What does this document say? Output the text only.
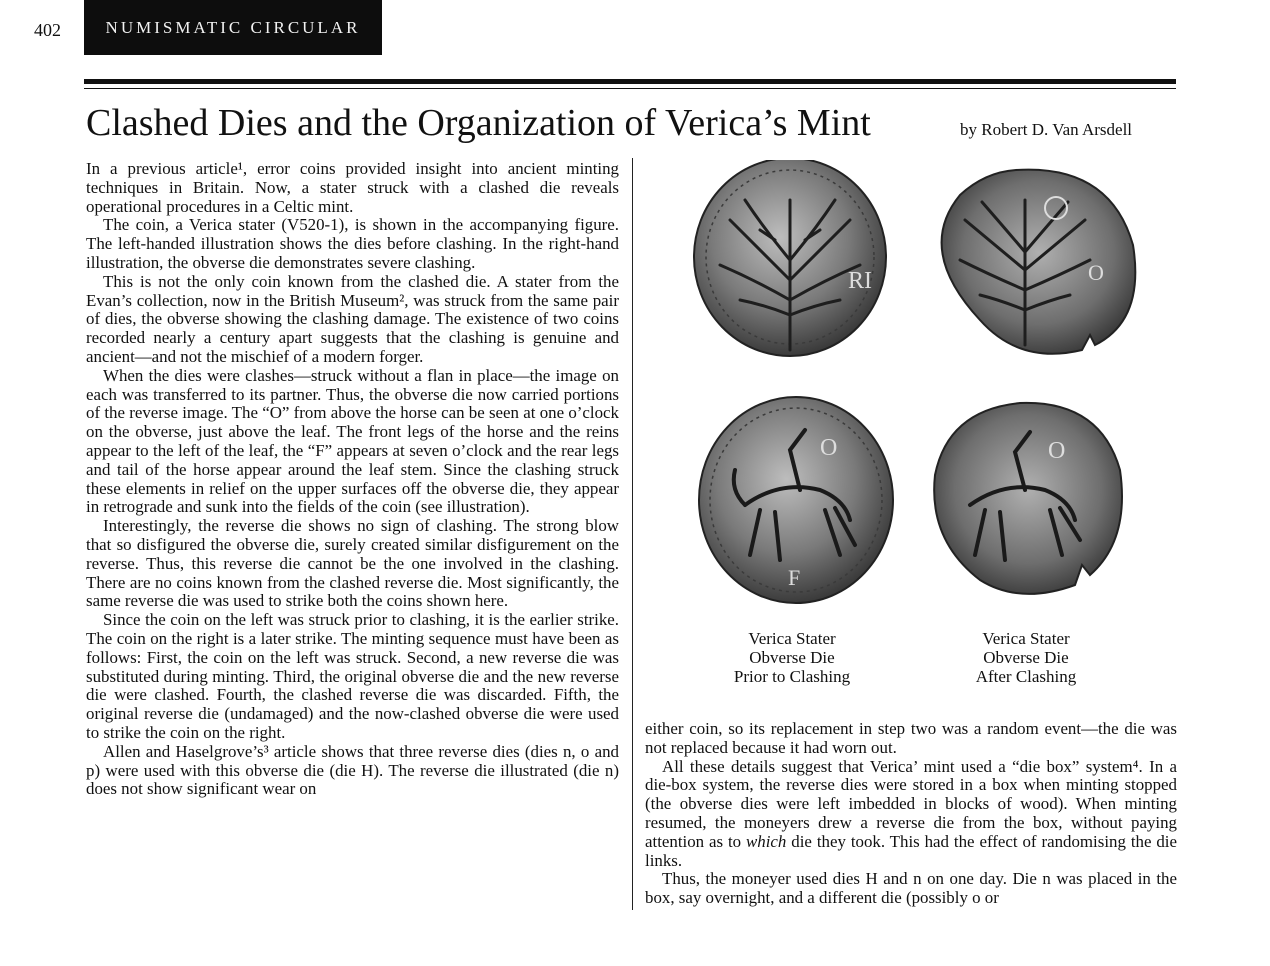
402	NUMISMATIC CIRCULAR
Clashed Dies and the Organization of Verica’s Mint	by Robert D. Van Arsdell

In a previous article¹, error coins provided insight into ancient minting techniques in Britain. Now, a stater struck with a clashed die reveals operational procedures in a Celtic mint.

The coin, a Verica stater (V520-1), is shown in the accompanying figure. The left-handed illustration shows the dies before clashing. In the right-hand illustration, the obverse die demonstrates severe clashing.

This is not the only coin known from the clashed die. A stater from the Evan’s collection, now in the British Museum², was struck from the same pair of dies, the obverse showing the clashing damage. The existence of two coins recorded nearly a century apart suggests that the clashing is genuine and ancient—and not the mischief of a modern forger.

When the dies were clashes—struck without a flan in place—the image on each was transferred to its partner. Thus, the obverse die now carried portions of the reverse image. The “O” from above the horse can be seen at one o’clock on the obverse, just above the leaf. The front legs of the horse and the reins appear to the left of the leaf, the “F” appears at seven o’clock and the rear legs and tail of the horse appear around the leaf stem. Since the clashing struck these elements in relief on the upper surfaces off the obverse die, they appear in retrograde and sunk into the fields of the coin (see illustration).

Interestingly, the reverse die shows no sign of clashing. The strong blow that so disfigured the obverse die, surely created similar disfigurement on the reverse. Thus, this reverse die cannot be the one involved in the clashing. There are no coins known from the clashed reverse die. Most significantly, the same reverse die was used to strike both the coins shown here.

Since the coin on the left was struck prior to clashing, it is the earlier strike. The coin on the right is a later strike. The minting sequence must have been as follows: First, the coin on the left was struck. Second, a new reverse die was substituted during minting. Third, the original obverse die and the new reverse die were clashed. Fourth, the clashed reverse die was discarded. Fifth, the original reverse die (undamaged) and the now-clashed obverse die were used to strike the coin on the right.

Allen and Haselgrove’s³ article shows that three reverse dies (dies n, o and p) were used with this obverse die (die H). The reverse die illustrated (die n) does not show significant wear on

RI	O
O
F
O
Verica Stater
Obverse Die
Prior to Clashing
Verica Stater
Obverse Die
After Clashing

either coin, so its replacement in step two was a random event—the die was not replaced because it had worn out.

All these details suggest that Verica’ mint used a “die box” system⁴. In a die-box system, the reverse dies were stored in a box when minting stopped (the obverse dies were left imbedded in blocks of wood). When minting resumed, the moneyers drew a reverse die from the box, without paying attention as to which die they took. This had the effect of randomising the die links.

Thus, the moneyer used dies H and n on one day. Die n was placed in the box, say overnight, and a different die (possibly o or
